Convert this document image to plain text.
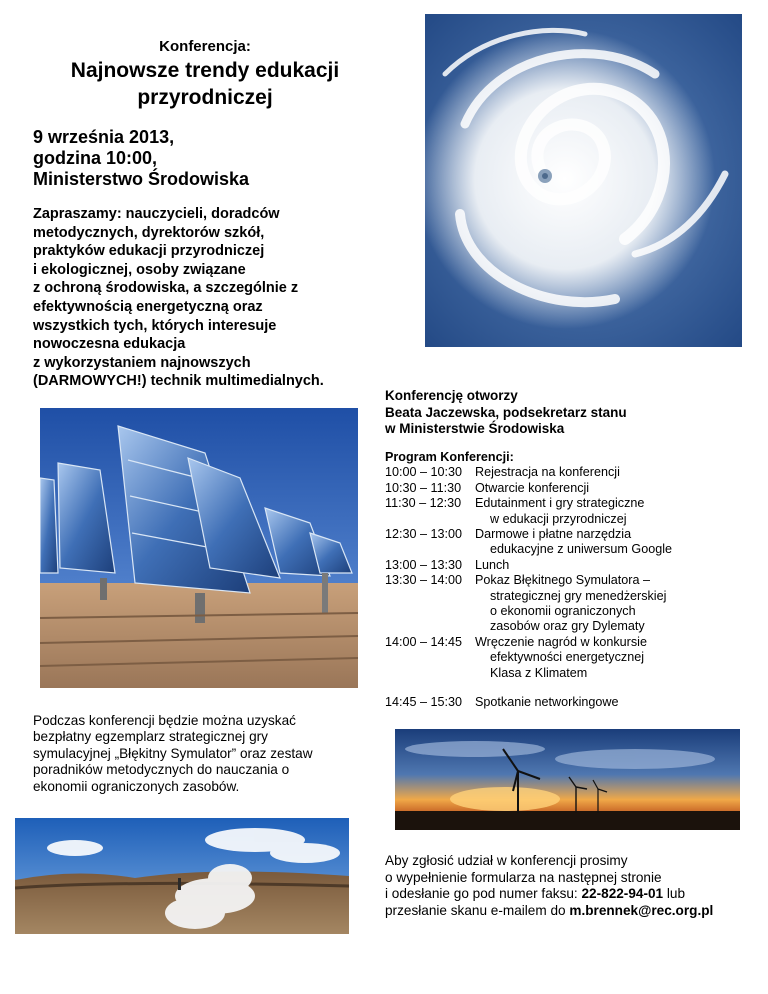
Konferencja:
Najnowsze trendy edukacji
przyrodniczej
9 września 2013,
godzina 10:00,
Ministerstwo Środowiska
Zapraszamy: nauczycieli, doradców
metodycznych, dyrektorów szkół,
praktyków edukacji przyrodniczej
i ekologicznej, osoby związane
z ochroną środowiska, a szczególnie z
efektywnością energetyczną oraz
wszystkich tych, których interesuje
nowoczesna edukacja
z wykorzystaniem najnowszych
(DARMOWYCH!) technik multimedialnych.
Konferencję otworzy
Beata Jaczewska, podsekretarz stanu
w Ministerstwie Środowiska
Program Konferencji:
10:00 – 10:30	Rejestracja na konferencji
10:30 – 11:30	Otwarcie konferencji
11:30 – 12:30	Edutainment i gry strategiczne
w edukacji przyrodniczej
12:30 – 13:00	Darmowe i płatne narzędzia
edukacyjne z uniwersum Google
13:00 – 13:30	Lunch
13:30 – 14:00	Pokaz Błękitnego Symulatora –
strategicznej gry menedżerskiej
o ekonomii ograniczonych
zasobów oraz gry Dylematy
14:00 – 14:45	Wręczenie nagród w konkursie
efektywności energetycznej
Klasa z Klimatem
14:45 – 15:30	Spotkanie networkingowe
Podczas konferencji będzie można uzyskać
bezpłatny egzemplarz strategicznej gry
symulacyjnej „Błękitny Symulator” oraz zestaw
poradników metodycznych do nauczania o
ekonomii ograniczonych zasobów.
Aby zgłosić udział w konferencji prosimy
o wypełnienie formularza na następnej stronie
i odesłanie go pod numer faksu: 22-822-94-01 lub
przesłanie skanu e-mailem do m.brennek@rec.org.pl
